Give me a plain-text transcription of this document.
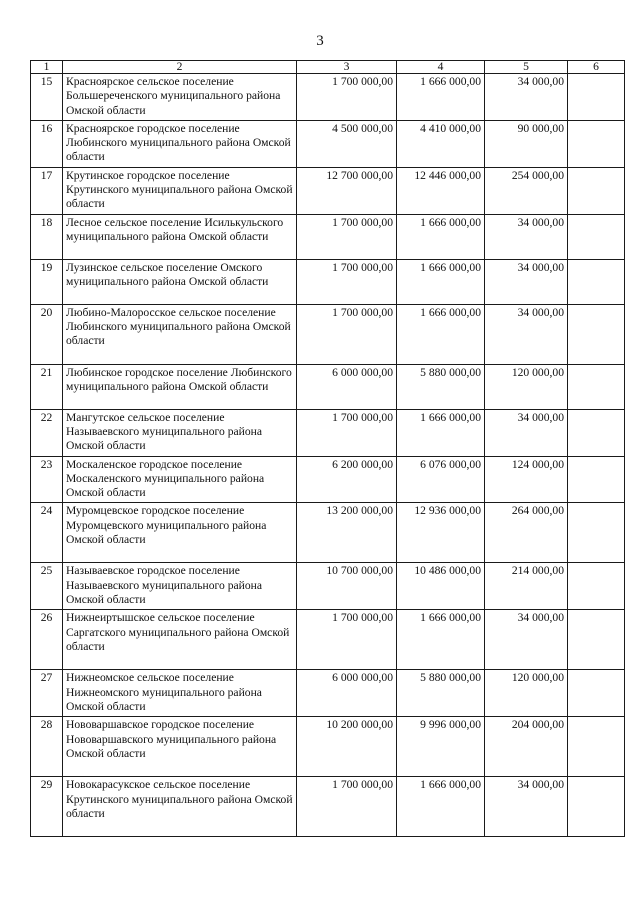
3
1	2	3	4	5	6
15	Красноярское сельское поселение Большереченского муниципального района Омской области	1 700 000,00	1 666 000,00	34 000,00	

16	Красноярское городское поселение Любинского муниципального района Омской области	4 500 000,00	4 410 000,00	90 000,00	

17	Крутинское городское поселение Крутинского муниципального района Омской области	12 700 000,00	12 446 000,00	254 000,00	

18	Лесное сельское поселение Исилькульского муниципального района Омской области	1 700 000,00	1 666 000,00	34 000,00	

19	Лузинское сельское поселение Омского муниципального района Омской области	1 700 000,00	1 666 000,00	34 000,00	

20	Любино-Малоросское сельское поселение Любинского муниципального района Омской области	1 700 000,00	1 666 000,00	34 000,00	

21	Любинское городское поселение Любинского муниципального района Омской области	6 000 000,00	5 880 000,00	120 000,00	

22	Мангутское сельское поселение Называевского муниципального района Омской области	1 700 000,00	1 666 000,00	34 000,00	

23	Москаленское городское поселение Москаленского муниципального района Омской области	6 200 000,00	6 076 000,00	124 000,00	

24	Муромцевское городское поселение Муромцевского муниципального района Омской области	13 200 000,00	12 936 000,00	264 000,00	

25	Называевское городское поселение Называевского муниципального района Омской области	10 700 000,00	10 486 000,00	214 000,00	

26	Нижнеиртышское сельское поселение Саргатского муниципального района Омской области	1 700 000,00	1 666 000,00	34 000,00	

27	Нижнеомское сельское поселение Нижнеомского муниципального района Омской области	6 000 000,00	5 880 000,00	120 000,00	

28	Нововаршавское городское поселение Нововаршавского муниципального района Омской области	10 200 000,00	9 996 000,00	204 000,00	

29	Новокарасукское сельское поселение Крутинского муниципального района Омской области	1 700 000,00	1 666 000,00	34 000,00	
